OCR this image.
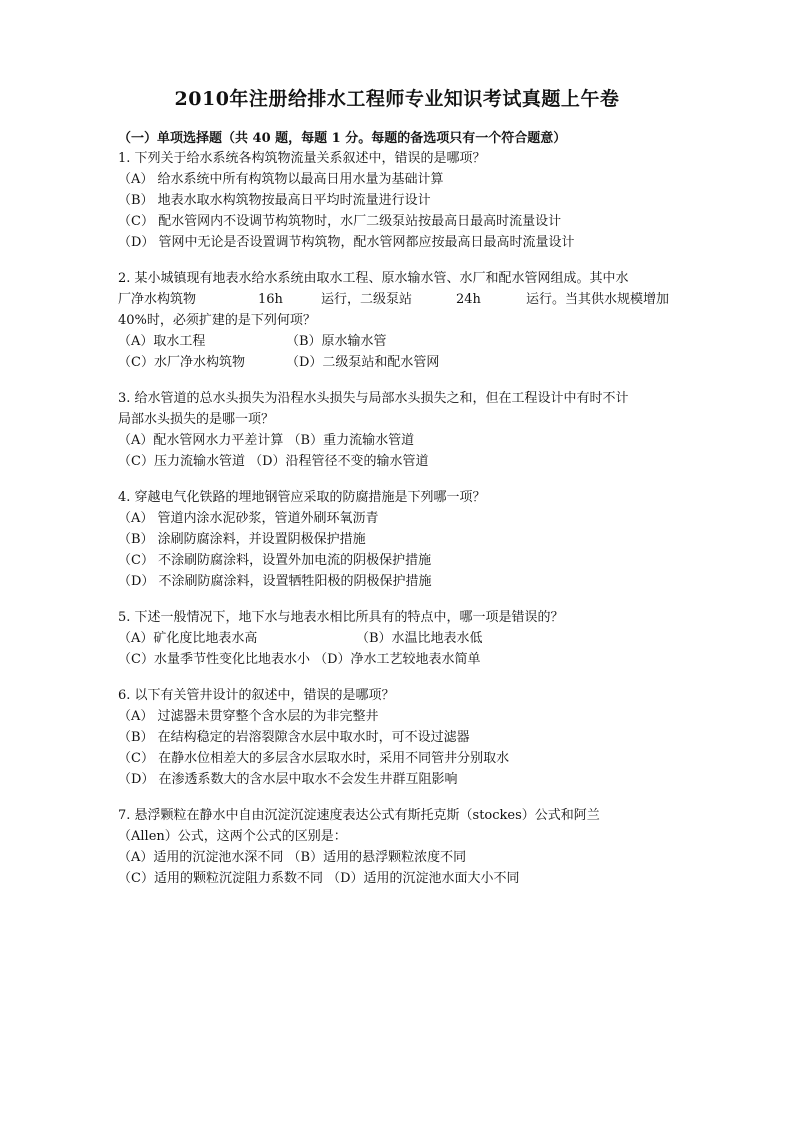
2010年注册给排水工程师专业知识考试真题上午卷
（一）单项选择题（共 40 题，每题 1 分。每题的备选项只有一个符合题意）
1. 下列关于给水系统各构筑物流量关系叙述中，错误的是哪项？
（A） 给水系统中所有构筑物以最高日用水量为基础计算
（B） 地表水取水构筑物按最高日平均时流量进行设计
（C） 配水管网内不设调节构筑物时，水厂二级泵站按最高日最高时流量设计
（D） 管网中无论是否设置调节构筑物，配水管网都应按最高日最高时流量设计
2. 某小城镇现有地表水给水系统由取水工程、原水输水管、水厂和配水管网组成。其中水
厂净水构筑物	16h	运行，二级泵站	24h	运行。当其供水规模增加
40%时，必须扩建的是下列何项？
（A）取水工程	（B）原水输水管
（C）水厂净水构筑物	（D）二级泵站和配水管网
3. 给水管道的总水头损失为沿程水头损失与局部水头损失之和，但在工程设计中有时不计
局部水头损失的是哪一项？
（A）配水管网水力平差计算 （B）重力流输水管道
（C）压力流输水管道 （D）沿程管径不变的输水管道
4. 穿越电气化铁路的埋地钢管应采取的防腐措施是下列哪一项？
（A） 管道内涂水泥砂浆，管道外刷环氧沥青
（B） 涂刷防腐涂料，并设置阴极保护措施
（C） 不涂刷防腐涂料，设置外加电流的阴极保护措施
（D） 不涂刷防腐涂料，设置牺牲阳极的阴极保护措施
5. 下述一般情况下，地下水与地表水相比所具有的特点中，哪一项是错误的？
（A）矿化度比地表水高	（B）水温比地表水低
（C）水量季节性变化比地表水小 （D）净水工艺较地表水简单
6. 以下有关管井设计的叙述中，错误的是哪项？
（A） 过滤器未贯穿整个含水层的为非完整井
（B） 在结构稳定的岩溶裂隙含水层中取水时，可不设过滤器
（C） 在静水位相差大的多层含水层取水时，采用不同管井分别取水
（D） 在渗透系数大的含水层中取水不会发生井群互阻影响
7. 悬浮颗粒在静水中自由沉淀沉淀速度表达公式有斯托克斯（stockes）公式和阿兰
（Allen）公式，这两个公式的区别是：
（A）适用的沉淀池水深不同 （B）适用的悬浮颗粒浓度不同
（C）适用的颗粒沉淀阻力系数不同 （D）适用的沉淀池水面大小不同
